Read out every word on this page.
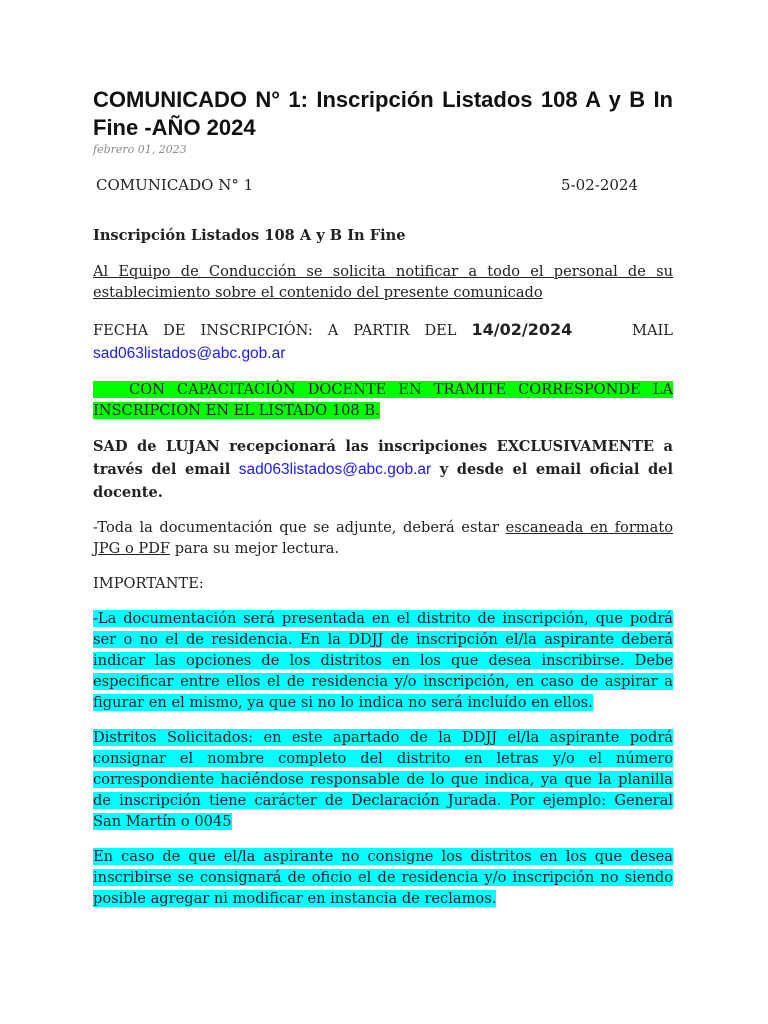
COMUNICADO N° 1: Inscripción Listados 108 A y B In Fine -AÑO 2024
febrero 01, 2023
COMUNICADO N° 1	5-02-2024

Inscripción Listados 108 A y B In Fine

Al Equipo de Conducción se solicita notificar a todo el personal de su establecimiento sobre el contenido del presente comunicado

FECHA DE INSCRIPCIÓN: A PARTIR DEL 14/02/2024	MAIL sad063listados@abc.gob.ar

CON CAPACITACIÓN DOCENTE EN TRAMITE CORRESPONDE LA INSCRIPCION EN EL LISTADO 108 B.

SAD de LUJAN recepcionará las inscripciones EXCLUSIVAMENTE a través del email sad063listados@abc.gob.ar y desde el email oficial del docente.

-Toda la documentación que se adjunte, deberá estar escaneada en formato JPG o PDF para su mejor lectura.

IMPORTANTE:

-La documentación será presentada en el distrito de inscripción, que podrá ser o no el de residencia. En la DDJJ de inscripción el/la aspirante deberá indicar las opciones de los distritos en los que desea inscribirse. Debe especificar entre ellos el de residencia y/o inscripción, en caso de aspirar a figurar en el mismo, ya que si no lo indica no será incluído en ellos.

Distritos Solicitados: en este apartado de la DDJJ el/la aspirante podrá consignar el nombre completo del distrito en letras y/o el número correspondiente haciéndose responsable de lo que indica, ya que la planilla de inscripción tiene carácter de Declaración Jurada. Por ejemplo: General San Martín o 0045

En caso de que el/la aspirante no consigne los distritos en los que desea inscribirse se consignará de oficio el de residencia y/o inscripción no siendo posible agregar ni modificar en instancia de reclamos.
